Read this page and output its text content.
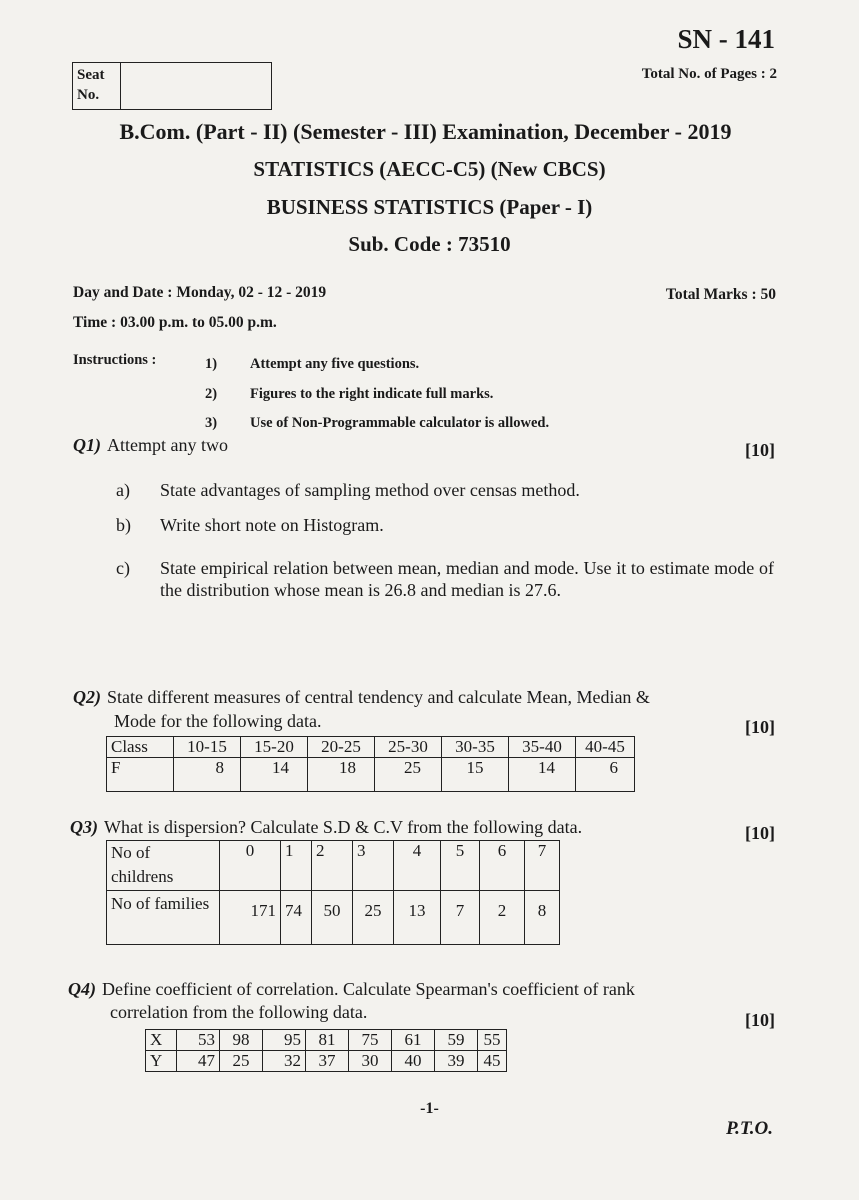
SN - 141
Total No. of Pages : 2
Seat
No.
B.Com. (Part - II) (Semester - III) Examination, December - 2019
STATISTICS (AECC-C5) (New CBCS)
BUSINESS STATISTICS (Paper - I)
Sub. Code : 73510
Day and Date : Monday, 02 - 12 - 2019	Total Marks : 50
Time : 03.00 p.m. to 05.00 p.m.
Instructions :	1) Attempt any five questions.
2) Figures to the right indicate full marks.
3) Use of Non-Programmable calculator is allowed.
Q1) Attempt any two	[10]
a) State advantages of sampling method over censas method.
b) Write short note on Histogram.
c) State empirical relation between mean, median and mode. Use it to estimate mode of the distribution whose mean is 26.8 and median is 27.6.
Q2) State different measures of central tendency and calculate Mean, Median &
Mode for the following data.	[10]
Class	10-15	15-20	20-25	25-30	30-35	35-40	40-45
F	8	14	18	25	15	14	6
Q3) What is dispersion? Calculate S.D & C.V from the following data.	[10]
No of childrens	0	1	2	3	4	5	6	7
No of families	171	74	50	25	13	7	2	8
Q4) Define coefficient of correlation. Calculate Spearman's coefficient of rank
correlation from the following data.	[10]
X	53	98	95	81	75	61	59	55
Y	47	25	32	37	30	40	39	45
-1-
P.T.O.
